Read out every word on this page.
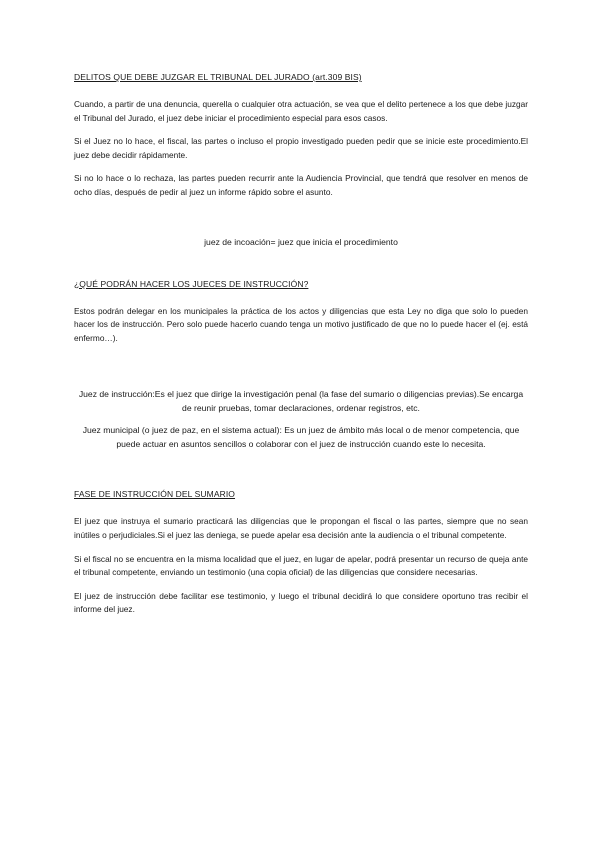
DELITOS QUE DEBE JUZGAR EL TRIBUNAL DEL JURADO (art.309 BIS)

Cuando, a partir de una denuncia, querella o cualquier otra actuación, se vea que el delito pertenece a los que debe juzgar el Tribunal del Jurado, el juez debe iniciar el procedimiento especial para esos casos.

Si el Juez no lo hace, el fiscal, las partes o incluso el propio investigado pueden pedir que se inicie este procedimiento.El juez debe decidir rápidamente.

Si no lo hace o lo rechaza, las partes pueden recurrir ante la Audiencia Provincial, que tendrá que resolver en menos de ocho días, después de pedir al juez un informe rápido sobre el asunto.

juez de incoación= juez que inicia el procedimiento

¿QUÉ PODRÁN HACER LOS JUECES DE INSTRUCCIÓN?

Estos podrán delegar en los municipales la práctica de los actos y diligencias que esta Ley no diga que solo lo pueden hacer los de instrucción. Pero solo puede hacerlo cuando tenga un motivo justificado de que no lo puede hacer el (ej. está enfermo…).

Juez de instrucción:Es el juez que dirige la investigación penal (la fase del sumario o diligencias previas).Se encarga de reunir pruebas, tomar declaraciones, ordenar registros, etc.

Juez municipal (o juez de paz, en el sistema actual): Es un juez de ámbito más local o de menor competencia, que puede actuar en asuntos sencillos o colaborar con el juez de instrucción cuando este lo necesita.

FASE DE INSTRUCCIÓN DEL SUMARIO

El juez que instruya el sumario practicará las diligencias que le propongan el fiscal o las partes, siempre que no sean inútiles o perjudiciales.Si el juez las deniega, se puede apelar esa decisión ante la audiencia o el tribunal competente.

Si el fiscal no se encuentra en la misma localidad que el juez, en lugar de apelar, podrá presentar un recurso de queja ante el tribunal competente, enviando un testimonio (una copia oficial) de las diligencias que considere necesarias.

El juez de instrucción debe facilitar ese testimonio, y luego el tribunal decidirá lo que considere oportuno tras recibir el informe del juez.
